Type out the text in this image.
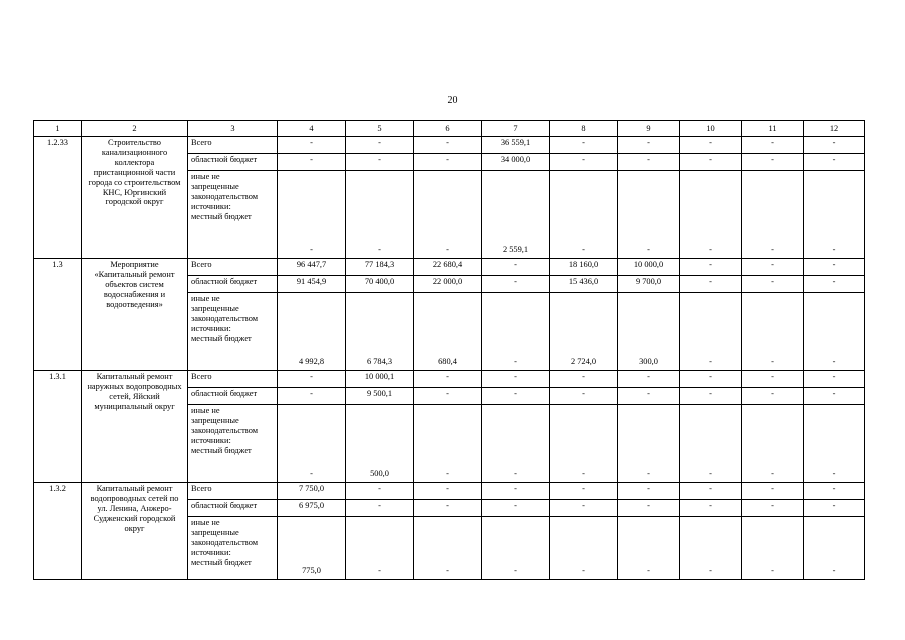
20
1	2	3	4	5	6	7	8	9	10	11	12
1.2.33	Строительство канализационного коллектора пристанционной части города со строительством КНС, Юргинский городской округ	Всего	-	-	-	36 559,1	-	-	-	-	-

		областной бюджет	-	-	-	34 000,0	-	-	-	-	-

		иные не
запрещенные
законодательством
источники:
местный бюджет	-	-	-	2 559,1	-	-	-	-	-
1.3	Мероприятие «Капитальный ремонт объектов систем водоснабжения и водоотведения»	Всего	96 447,7	77 184,3	22 680,4	-	18 160,0	10 000,0	-	-	-

		областной бюджет	91 454,9	70 400,0	22 000,0	-	15 436,0	9 700,0	-	-	-

		иные не
запрещенные
законодательством
источники:
местный бюджет	4 992,8	6 784,3	680,4	-	2 724,0	300,0	-	-	-
1.3.1	Капитальный ремонт наружных водопроводных сетей, Яйский муниципальный округ	Всего	-	10 000,1	-	-	-	-	-	-	-

		областной бюджет	-	9 500,1	-	-	-	-	-	-	-

		иные не
запрещенные
законодательством
источники:
местный бюджет	-	500,0	-	-	-	-	-	-	-
1.3.2	Капитальный ремонт водопроводных сетей по ул. Ленина, Анжеро-Судженский городской округ	Всего	7 750,0	-	-	-	-	-	-	-	-

		областной бюджет	6 975,0	-	-	-	-	-	-	-	-

		иные не
запрещенные
законодательством
источники:
местный бюджет	775,0	-	-	-	-	-	-	-	-
